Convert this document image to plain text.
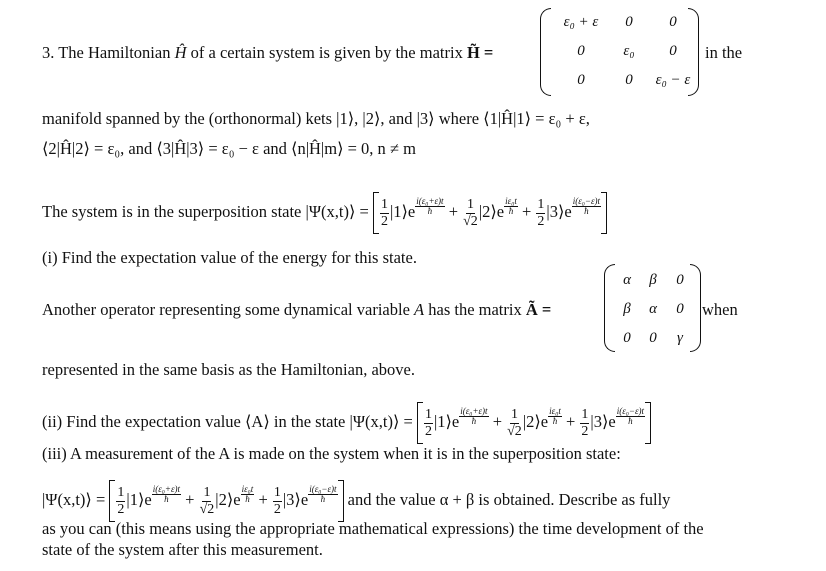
3. The Hamiltonian Ĥ of a certain system is given by the matrix H̃ =
ε₀ + ε	0	0
0	ε₀	0
0	0	ε₀ − ε
in the
manifold spanned by the (orthonormal) kets |1⟩, |2⟩, and |3⟩ where ⟨1|Ĥ|1⟩ = ε₀ + ε,
⟨2|Ĥ|2⟩ = ε₀, and ⟨3|Ĥ|3⟩ = ε₀ − ε and ⟨n|Ĥ|m⟩ = 0, n ≠ m
The system is in the superposition state |Ψ(x,t)⟩ = $\frac{1}{2}$ |1⟩e $\frac{\text{i(ε₀+ε)t}}{ħ} + \frac{1}{√2}$ |2⟩e $\frac{\text{iε₀t}}{ħ} + \frac{1}{2}$ |3⟩e $\frac{\text{i(ε₀−ε)t}}{ħ}$
(i) Find the expectation value of the energy for this state.
Another operator representing some dynamical variable A has the matrix Ã =
α	β	0
β	α	0
0	0	γ
when
represented in the same basis as the Hamiltonian, above.
(ii) Find the expectation value ⟨A⟩ in the state |Ψ(x,t)⟩ = $\frac{1}{2}$ |1⟩e $\frac{\text{i(ε₀+ε)t}}{ħ} + \frac{1}{√2}$ |2⟩e $\frac{\text{iε₀t}}{ħ} + \frac{1}{2}$ |3⟩e $\frac{\text{i(ε₀−ε)t}}{ħ}$
(iii) A measurement of the A is made on the system when it is in the superposition state:
|Ψ(x,t)⟩ = $\frac{1}{2}$ |1⟩e $\frac{\text{i(ε₀+ε)t}}{ħ} + \frac{1}{√2}$ |2⟩e $\frac{\text{iε₀t}}{ħ} + \frac{1}{2}$ |3⟩e $\frac{\text{i(ε₀−ε)t}}{ħ}$ and the value α + β is obtained. Describe as fully
as you can (this means using the appropriate mathematical expressions) the time development of the
state of the system after this measurement.
